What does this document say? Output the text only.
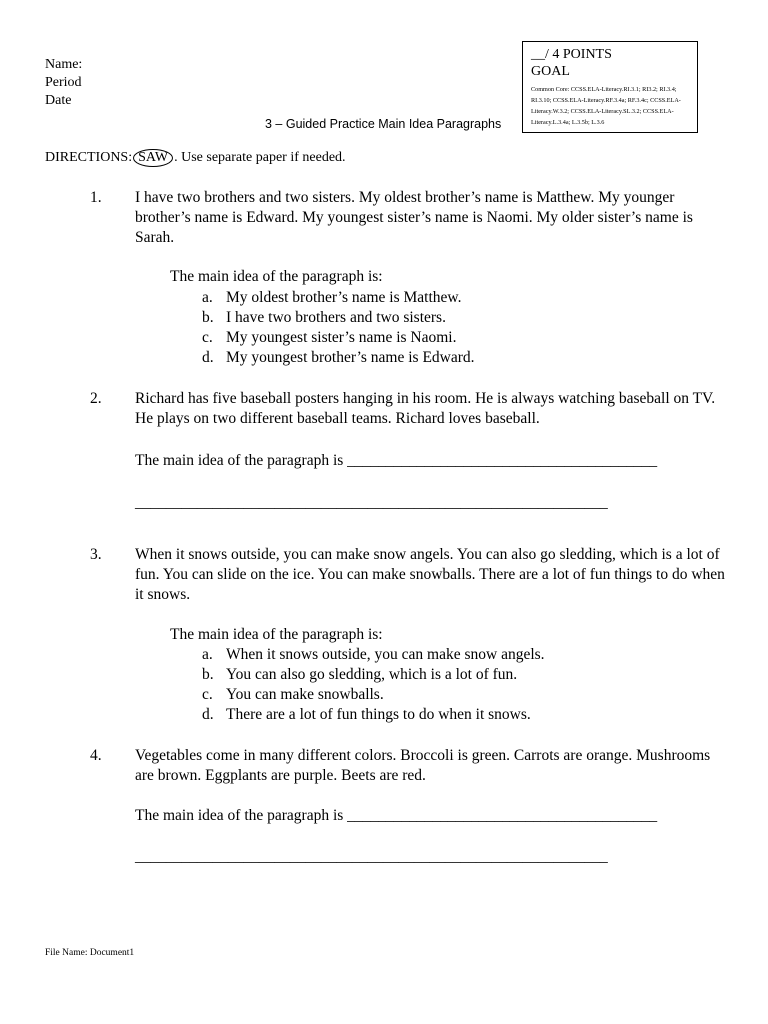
Name:
Period
Date
__/ 4 POINTS
GOAL
Common Core: CCSS.ELA-Literacy.RI.3.1; RI3.2; RI.3.4; RI.3.10; CCSS.ELA-Literacy.RF.3.4a; RF.3.4c; CCSS.ELA-Literacy.W.3.2; CCSS.ELA-Literacy.SL.3.2; CCSS.ELA-Literacy.L.3.4a; L.3.5b; L.3.6
3 – Guided Practice Main Idea Paragraphs
DIRECTIONS: SAW . Use separate paper if needed.
1. I have two brothers and two sisters. My oldest brother’s name is Matthew. My younger brother’s name is Edward. My youngest sister’s name is Naomi. My older sister’s name is Sarah.
The main idea of the paragraph is:
a. My oldest brother’s name is Matthew.
b. I have two brothers and two sisters.
c. My youngest sister’s name is Naomi.
d. My youngest brother’s name is Edward.
2. Richard has five baseball posters hanging in his room. He is always watching baseball on TV. He plays on two different baseball teams. Richard loves baseball.
The main idea of the paragraph is ________________________________________
_____________________________________________________________
3. When it snows outside, you can make snow angels. You can also go sledding, which is a lot of fun. You can slide on the ice. You can make snowballs. There are a lot of fun things to do when it snows.
The main idea of the paragraph is:
a. When it snows outside, you can make snow angels.
b. You can also go sledding, which is a lot of fun.
c. You can make snowballs.
d. There are a lot of fun things to do when it snows.
4. Vegetables come in many different colors. Broccoli is green. Carrots are orange. Mushrooms are brown. Eggplants are purple. Beets are red.
The main idea of the paragraph is ________________________________________
_____________________________________________________________
File Name: Document1
